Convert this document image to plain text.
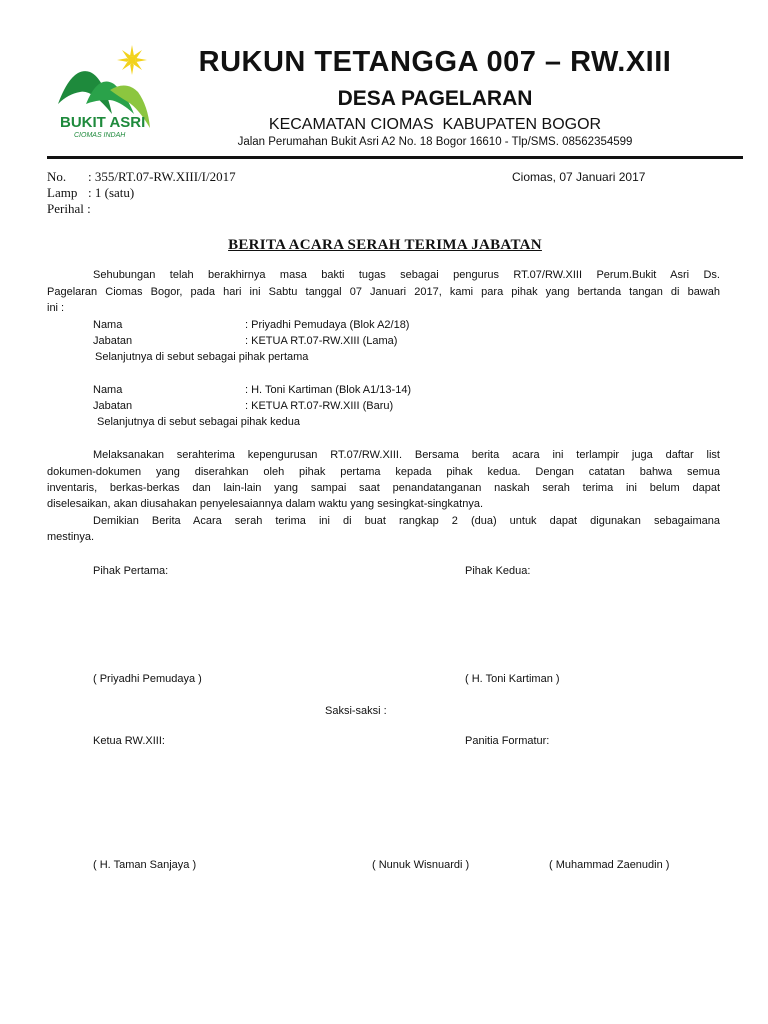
BUKIT ASRI
CIOMAS INDAH
RUKUN TETANGGA 007 – RW.XIII
DESA PAGELARAN
KECAMATAN CIOMAS  KABUPATEN BOGOR
Jalan Perumahan Bukit Asri A2 No. 18 Bogor 16610 - Tlp/SMS. 08562354599
No. : 355/RT.07-RW.XIII/I/2017
Lamp : 1 (satu)
Perihal :
Ciomas, 07 Januari 2017
BERITA ACARA SERAH TERIMA JABATAN
Sehubungan telah berakhirnya masa bakti tugas sebagai pengurus RT.07/RW.XIII Perum.Bukit Asri Ds.
Pagelaran Ciomas Bogor, pada hari ini Sabtu tanggal 07 Januari 2017, kami para pihak yang bertanda tangan di bawah
ini :
Nama	: Priyadhi Pemudaya (Blok A2/18)
Jabatan	: KETUA RT.07-RW.XIII (Lama)
Selanjutnya di sebut sebagai pihak pertama
Nama	: H. Toni Kartiman (Blok A1/13-14)
Jabatan	: KETUA RT.07-RW.XIII (Baru)
Selanjutnya di sebut sebagai pihak kedua
Melaksanakan serahterima kepengurusan RT.07/RW.XIII. Bersama berita acara ini terlampir juga daftar list
dokumen-dokumen yang diserahkan oleh pihak pertama kepada pihak kedua. Dengan catatan bahwa semua
inventaris, berkas-berkas dan lain-lain yang sampai saat penandatanganan naskah serah terima ini belum dapat
diselesaikan, akan diusahakan penyelesaiannya dalam waktu yang sesingkat-singkatnya.
Demikian Berita Acara serah terima ini di buat rangkap 2 (dua) untuk dapat digunakan sebagaimana
mestinya.
Pihak Pertama:	Pihak Kedua:
( Priyadhi Pemudaya )	( H. Toni Kartiman )
Saksi-saksi :
Ketua RW.XIII:	Panitia Formatur:
( H. Taman Sanjaya )	( Nunuk Wisnuardi )	( Muhammad Zaenudin )
